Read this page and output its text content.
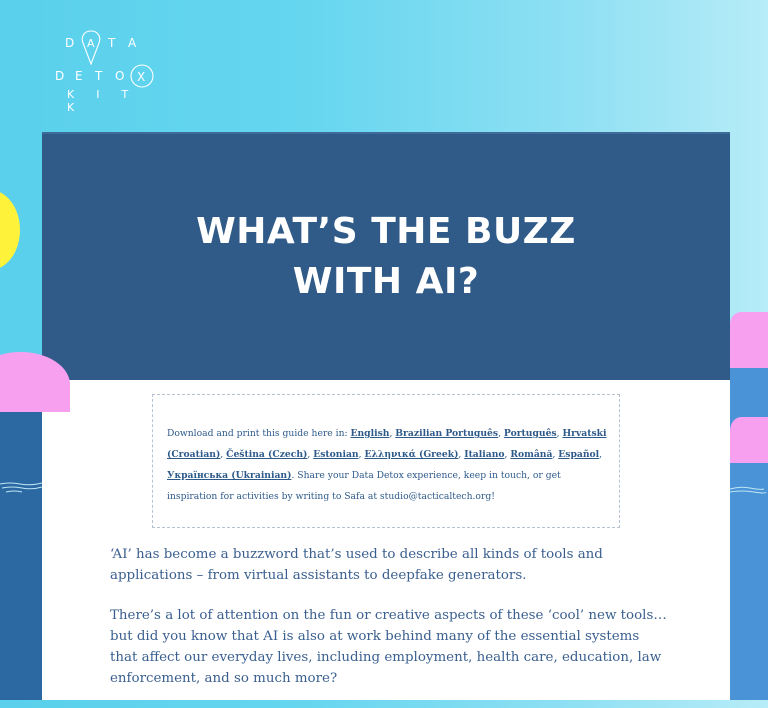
D A T A
D E T O X
K
KIT
WHAT’S THE BUZZ WITH AI?
Download and print this guide here in: English, Brazilian Português, Português, Hrvatski (Croatian), Čeština (Czech), Estonian, Ελληνικά (Greek), Italiano, Română, Español, Українська (Ukrainian). Share your Data Detox experience, keep in touch, or get inspiration for activities by writing to Safa at studio@tacticaltech.org!

‘AI’ has become a buzzword that’s used to describe all kinds of tools and applications – from virtual assistants to deepfake generators.

There’s a lot of attention on the fun or creative aspects of these ‘cool’ new tools… but did you know that AI is also at work behind many of the essential systems that affect our everyday lives, including employment, health care, education, law enforcement, and so much more?
